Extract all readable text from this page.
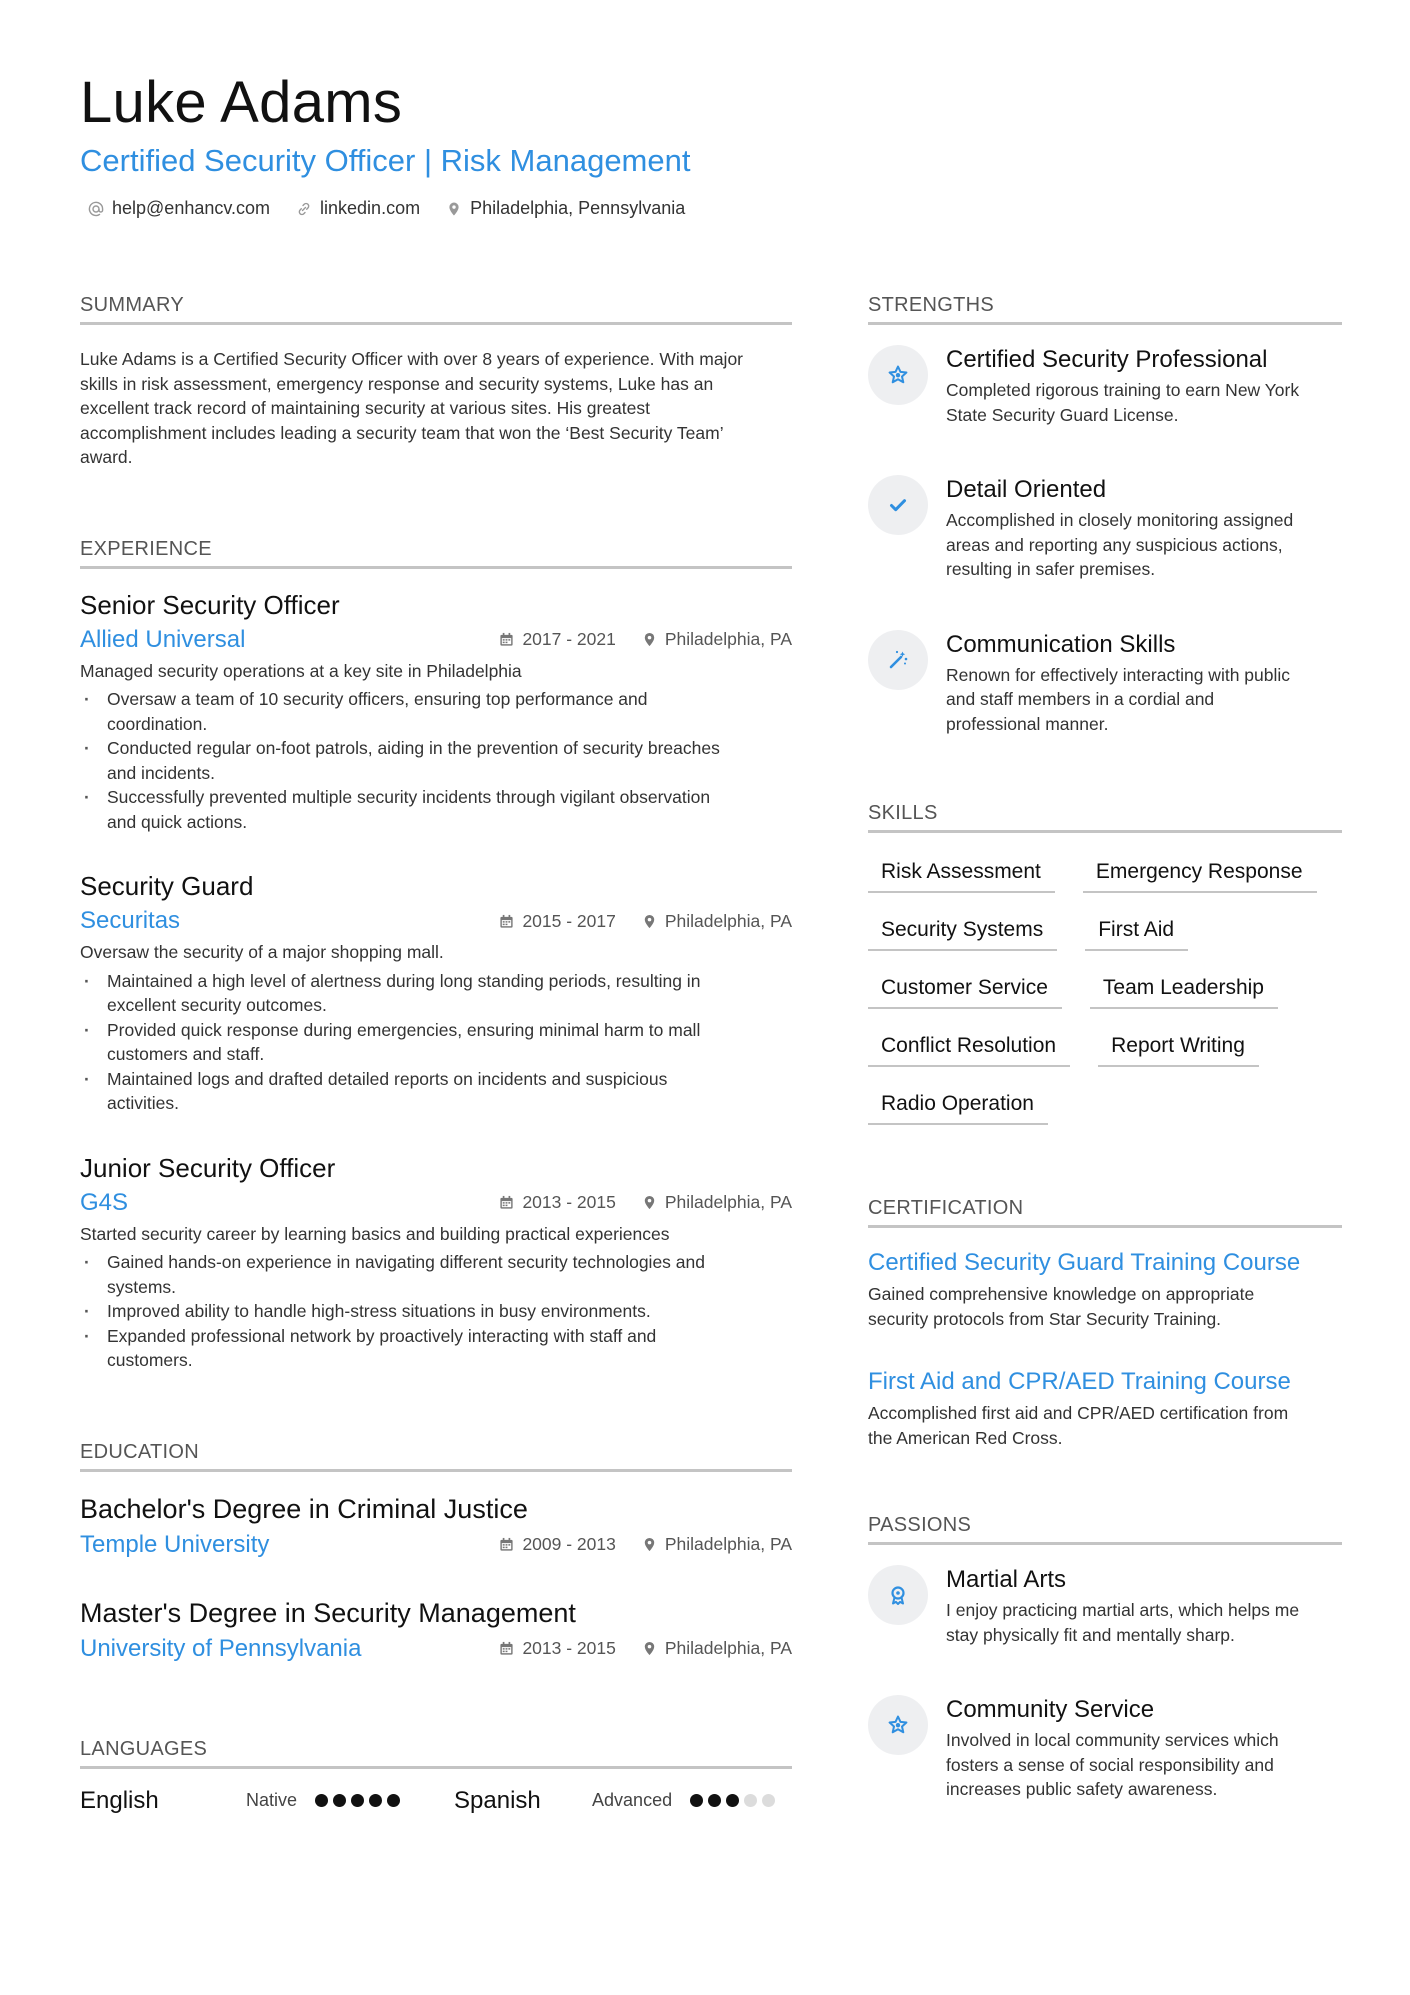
Luke Adams
Certified Security Officer | Risk Management
help@enhancv.com	linkedin.com	Philadelphia, Pennsylvania
SUMMARY
Luke Adams is a Certified Security Officer with over 8 years of experience. With major
skills in risk assessment, emergency response and security systems, Luke has an
excellent track record of maintaining security at various sites. His greatest
accomplishment includes leading a security team that won the ‘Best Security Team’
award.
EXPERIENCE
Senior Security Officer
Allied Universal	2017 - 2021	Philadelphia, PA
Managed security operations at a key site in Philadelphia
· Oversaw a team of 10 security officers, ensuring top performance and
coordination.
· Conducted regular on-foot patrols, aiding in the prevention of security breaches
and incidents.
· Successfully prevented multiple security incidents through vigilant observation
and quick actions.
Security Guard
Securitas	2015 - 2017	Philadelphia, PA
Oversaw the security of a major shopping mall.
· Maintained a high level of alertness during long standing periods, resulting in
excellent security outcomes.
· Provided quick response during emergencies, ensuring minimal harm to mall
customers and staff.
· Maintained logs and drafted detailed reports on incidents and suspicious
activities.
Junior Security Officer
G4S	2013 - 2015	Philadelphia, PA
Started security career by learning basics and building practical experiences
· Gained hands-on experience in navigating different security technologies and
systems.
· Improved ability to handle high-stress situations in busy environments.
· Expanded professional network by proactively interacting with staff and
customers.
EDUCATION
Bachelor's Degree in Criminal Justice
Temple University	2009 - 2013	Philadelphia, PA
Master's Degree in Security Management
University of Pennsylvania	2013 - 2015	Philadelphia, PA
LANGUAGES
English	Native	Spanish	Advanced
STRENGTHS
Certified Security Professional
Completed rigorous training to earn New York
State Security Guard License.
Detail Oriented
Accomplished in closely monitoring assigned
areas and reporting any suspicious actions,
resulting in safer premises.
Communication Skills
Renown for effectively interacting with public
and staff members in a cordial and
professional manner.
SKILLS
Risk Assessment	Emergency Response
Security Systems	First Aid
Customer Service	Team Leadership
Conflict Resolution	Report Writing
Radio Operation
CERTIFICATION
Certified Security Guard Training Course
Gained comprehensive knowledge on appropriate
security protocols from Star Security Training.
First Aid and CPR/AED Training Course
Accomplished first aid and CPR/AED certification from
the American Red Cross.
PASSIONS
Martial Arts
I enjoy practicing martial arts, which helps me
stay physically fit and mentally sharp.
Community Service
Involved in local community services which
fosters a sense of social responsibility and
increases public safety awareness.
